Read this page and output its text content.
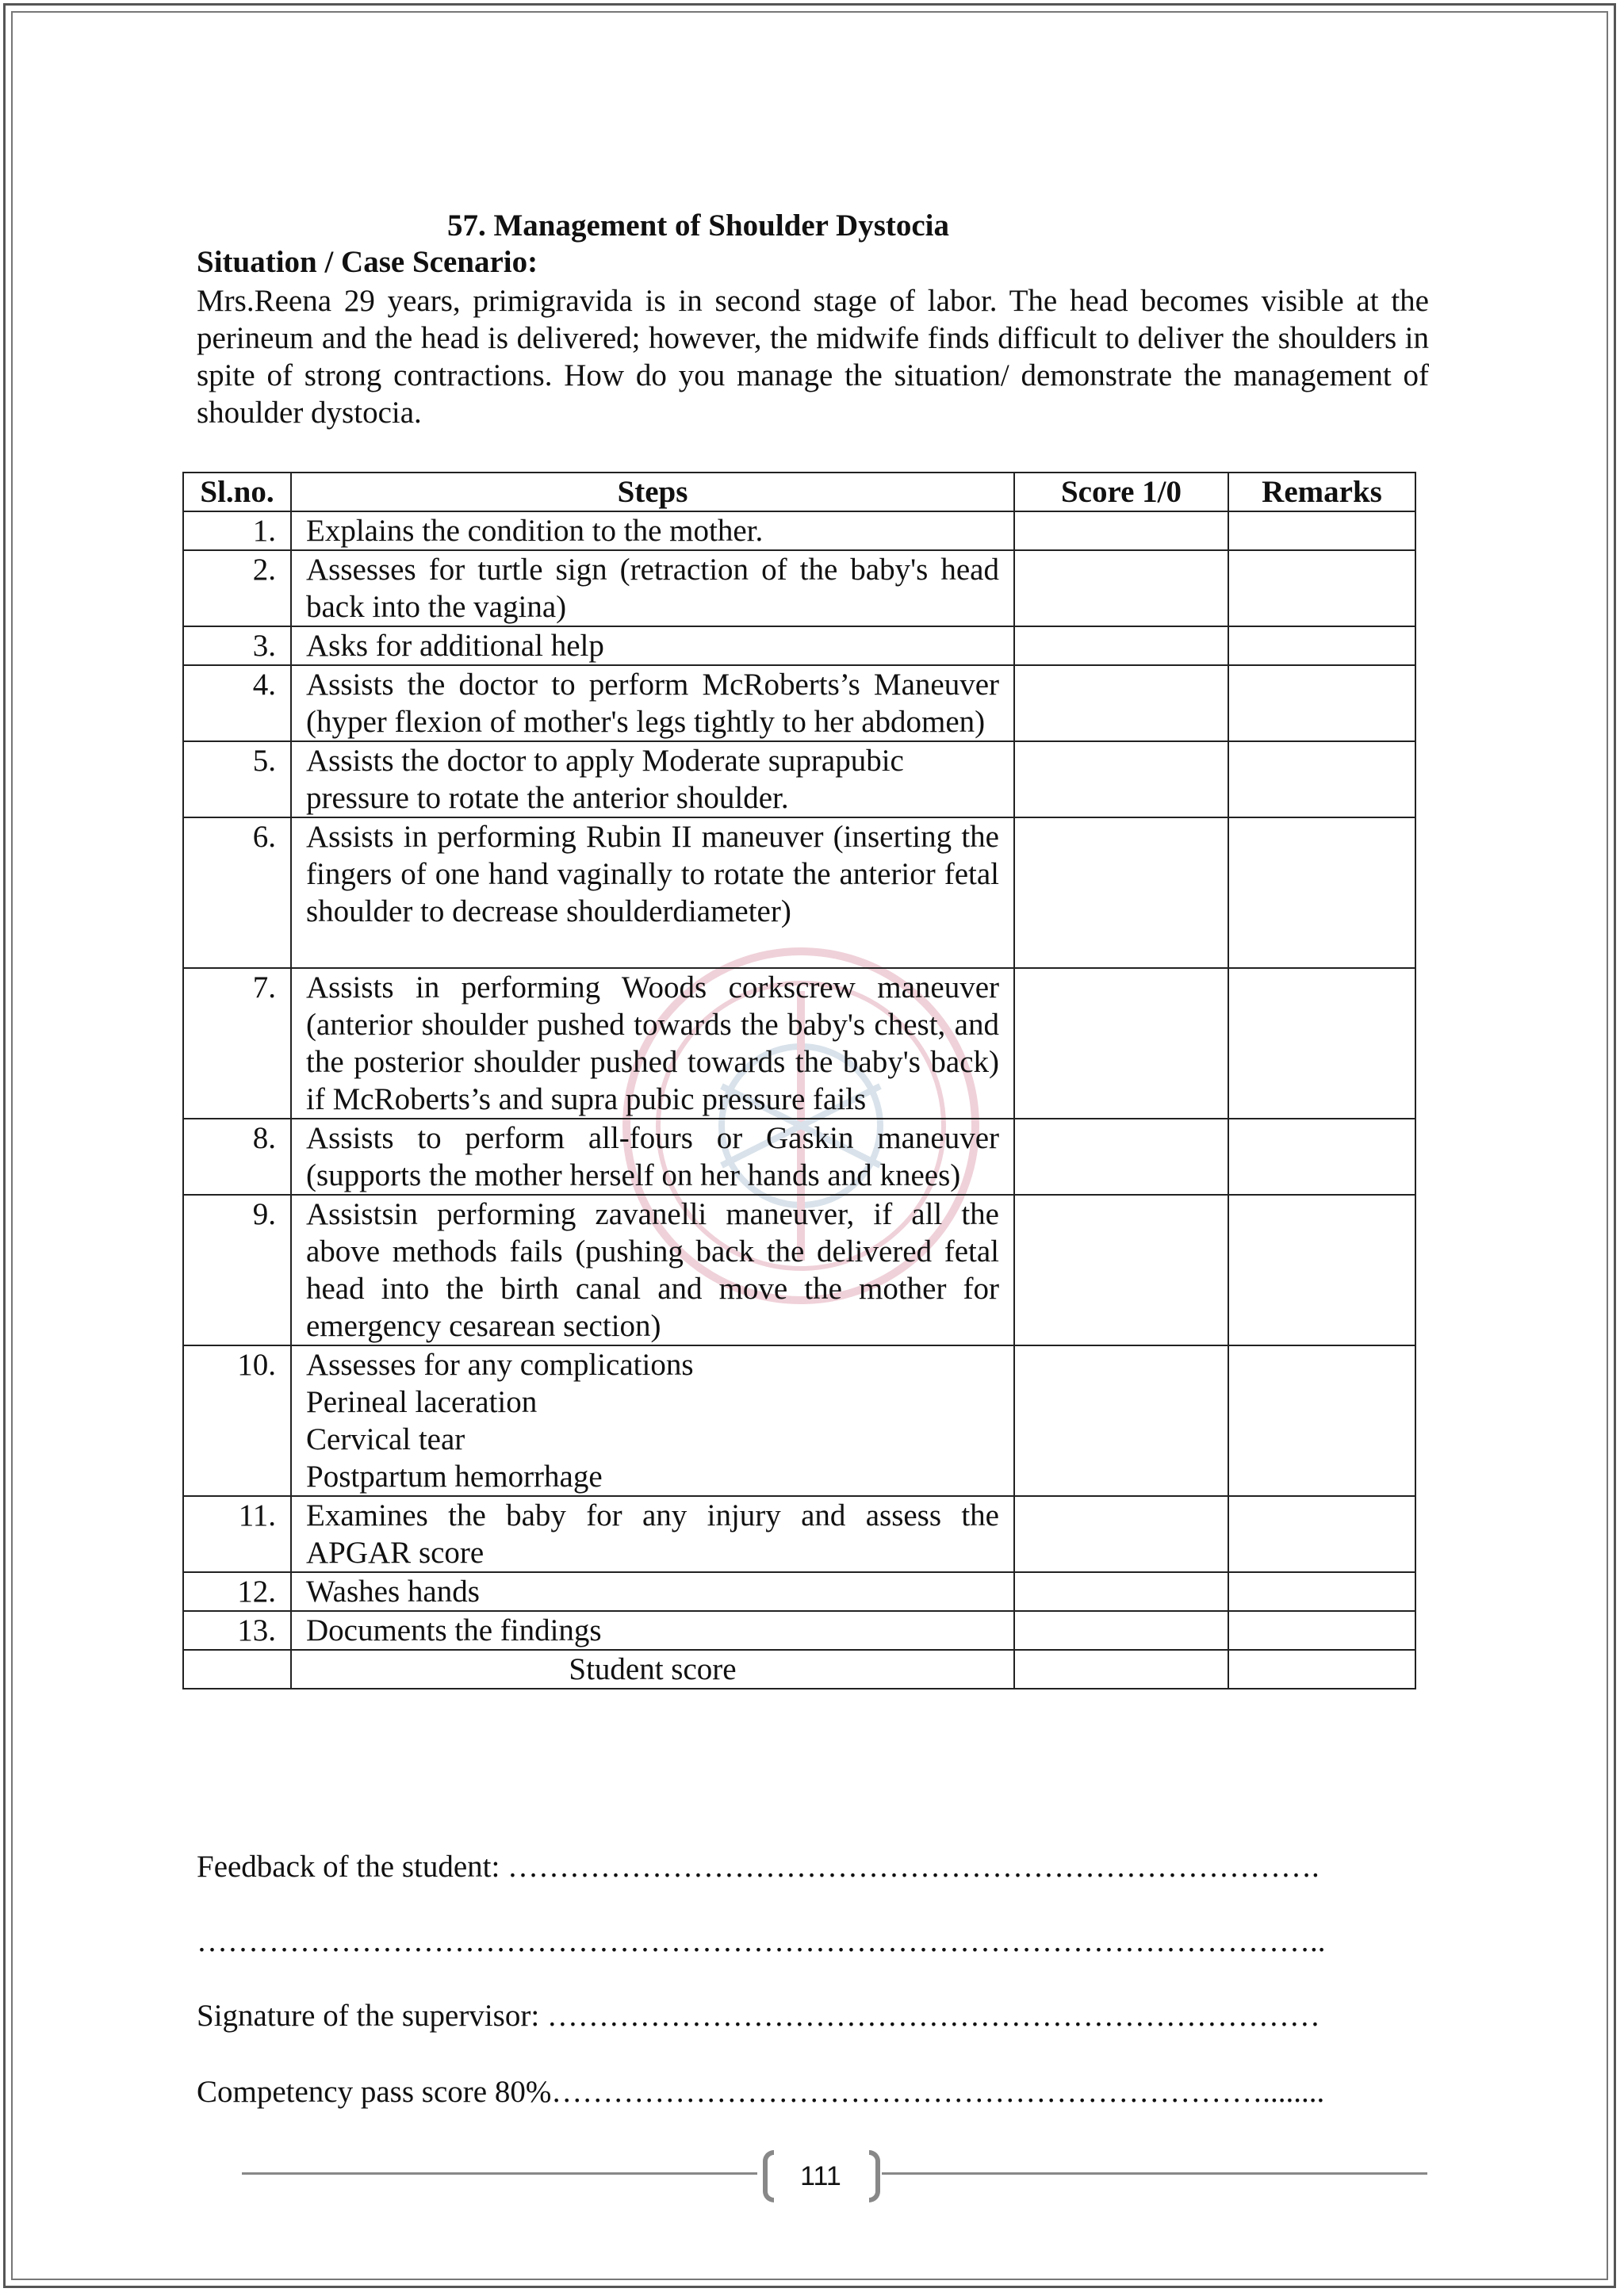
57. Management of Shoulder Dystocia
Situation / Case Scenario:
Mrs.Reena 29 years, primigravida is in second stage of labor. The head becomes visible at the perineum and the head is delivered; however, the midwife finds difficult to deliver the shoulders in spite of strong contractions. How do you manage the situation/ demonstrate the management of shoulder dystocia.
Sl.no.	Steps	Score 1/0	Remarks
1.	Explains the condition to the mother.		
2.	Assesses for turtle sign (retraction of the baby's head back into the vagina)		
3.	Asks for additional help		
4.	Assists the doctor to perform McRoberts’s Maneuver (hyper flexion of mother's legs tightly to her abdomen)		
5.	Assists the doctor to apply Moderate suprapubic pressure to rotate the anterior shoulder.		
6.	Assists in performing Rubin II maneuver (inserting the fingers of one hand vaginally to rotate the anterior fetal shoulder to decrease shoulderdiameter)		
7.	Assists in performing Woods corkscrew maneuver (anterior shoulder pushed towards the baby's chest, and the posterior shoulder pushed towards the baby's back) if McRoberts’s and supra pubic pressure fails		
8.	Assists to perform all-fours or Gaskin maneuver (supports the mother herself on her hands and knees)		
9.	Assistsin performing zavanelli maneuver, if all the above methods fails (pushing back the delivered fetal head into the birth canal and move the mother for emergency cesarean section)		
10.	Assesses for any complications
Perineal laceration
Cervical tear
Postpartum hemorrhage		

11.	Examines the baby for any injury and assess the APGAR score		
12.	Washes hands		
13.	Documents the findings		
	Student score		
Feedback of the student: …………………………………………………………………….
………………………………………………………………………………………………..
Signature of the supervisor: …………………………………………………………………
Competency pass score 80%……………………………………………………………........
111
